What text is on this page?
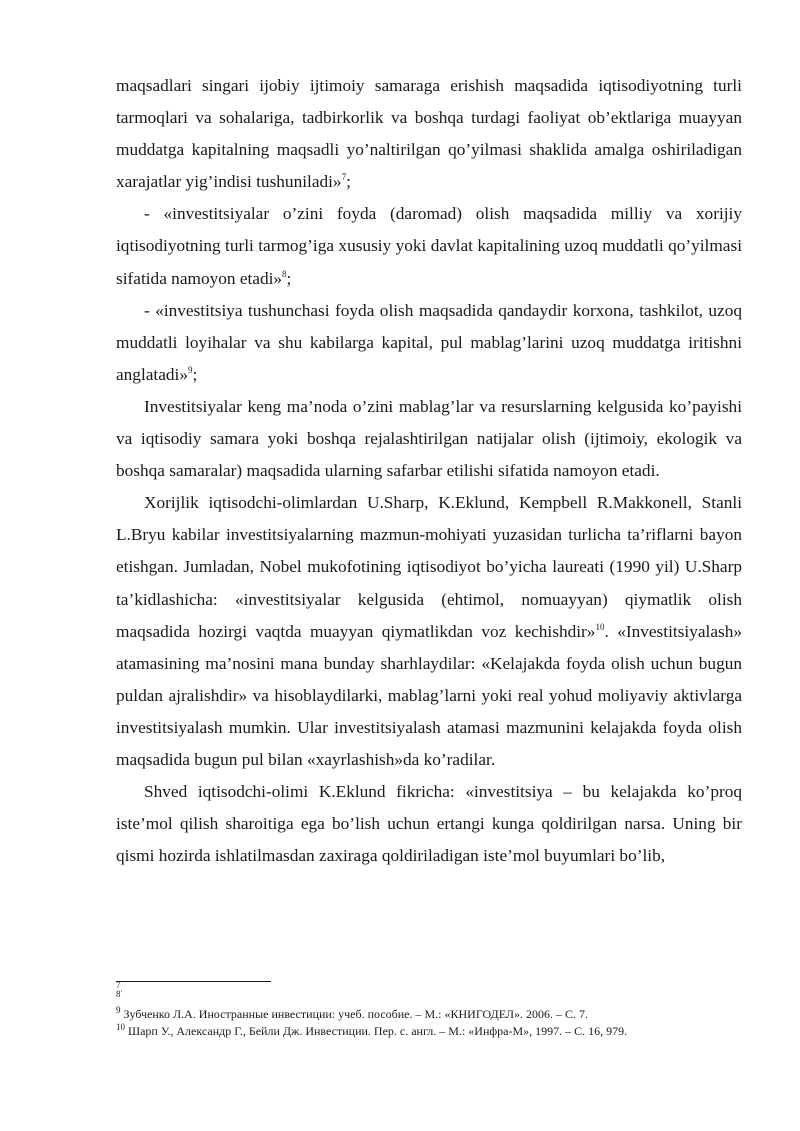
maqsadlari singari ijobiy ijtimoiy samaraga erishish maqsadida iqtisodiyotning turli tarmoqlari va sohalariga, tadbirkorlik va boshqa turdagi faoliyat ob’ektlariga muayyan muddatga kapitalning maqsadli yo’naltirilgan qo’yilmasi shaklida amalga oshiriladigan xarajatlar yig’indisi tushuniladi»$^7$;

- «investitsiyalar o’zini foyda (daromad) olish maqsadida milliy va xorijiy iqtisodiyotning turli tarmog’iga xususiy yoki davlat kapitalining uzoq muddatli qo’yilmasi sifatida namoyon etadi»$^8$;

- «investitsiya tushunchasi foyda olish maqsadida qandaydir korxona, tashkilot, uzoq muddatli loyihalar va shu kabilarga kapital, pul mablag’larini uzoq muddatga iritishni anglatadi»$^9$;

Investitsiyalar keng ma’noda o’zini mablag’lar va resurslarning kelgusida ko’payishi va iqtisodiy samara yoki boshqa rejalashtirilgan natijalar olish (ijtimoiy, ekologik va boshqa samaralar) maqsadida ularning safarbar etilishi sifatida namoyon etadi.

Xorijlik iqtisodchi-olimlardan U.Sharp, K.Eklund, Kempbell R.Makkonell, Stanli L.Bryu kabilar investitsiyalarning mazmun-mohiyati yuzasidan turlicha ta’riflarni bayon etishgan. Jumladan, Nobel mukofotining iqtisodiyot bo’yicha laureati (1990 yil) U.Sharp ta’kidlashicha: «investitsiyalar kelgusida (ehtimol, nomuayyan) qiymatlik olish maqsadida hozirgi vaqtda muayyan qiymatlikdan voz kechishdir»$^{10}$. «Investitsiyalash» atamasining ma’nosini mana bunday sharhlaydilar: «Kelajakda foyda olish uchun bugun puldan ajralishdir» va hisoblaydilarki, mablag’larni yoki real yohud moliyaviy aktivlarga investitsiyalash mumkin. Ular investitsiyalash atamasi mazmunini kelajakda foyda olish maqsadida bugun pul bilan «xayrlashish»da ko’radilar.

Shved iqtisodchi-olimi K.Eklund fikricha: «investitsiya – bu kelajakda ko’proq iste’mol qilish sharoitiga ega bo’lish uchun ertangi kunga qoldirilgan narsa. Uning bir qismi hozirda ishlatilmasdan zaxiraga qoldiriladigan iste’mol buyumlari bo’lib,

$^7$.

$^8$

$^9$ Зубченко Л.А. Иностранные инвестиции: учеб. пособие. – М.: «КНИГОДЕЛ». 2006. – С. 7.

$^{10}$ Шарп У., Александр Г., Бейли Дж. Инвестиции. Пер. с. англ. – М.: «Инфра-М», 1997. – С. 16, 979.
